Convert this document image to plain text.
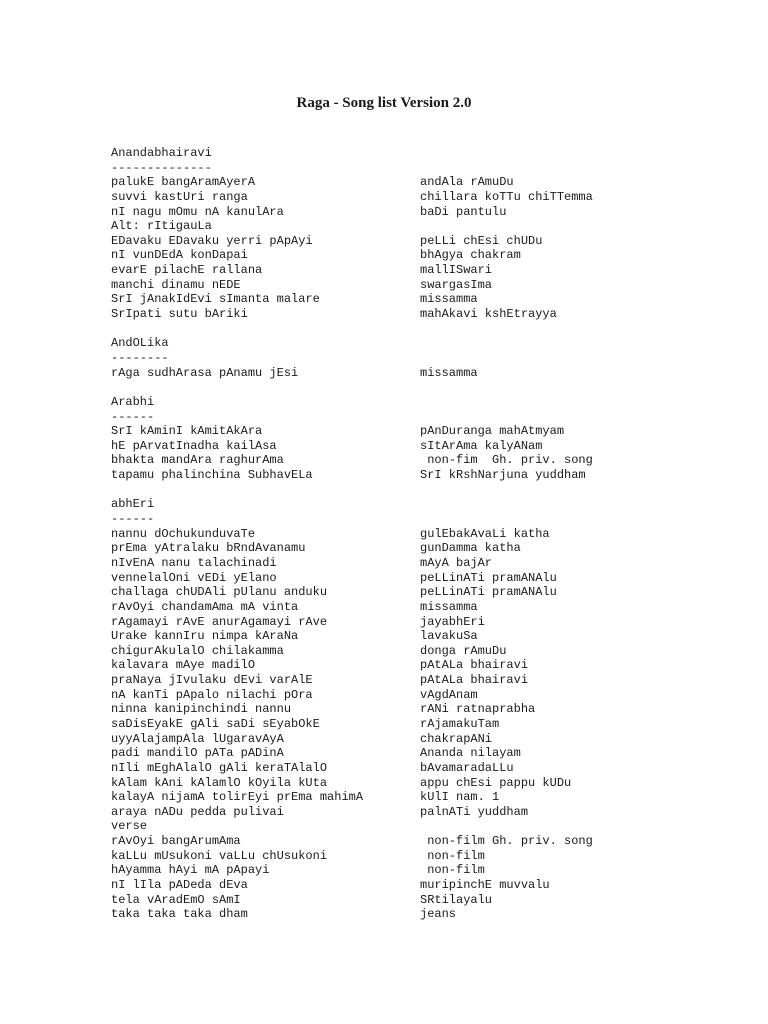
Raga - Song list Version 2.0
Anandabhairavi
--------------
palukE bangAramAyerA	andAla rAmuDu
suvvi kastUri ranga	chillara koTTu chiTTemma
nI nagu mOmu nA kanulAra	baDi pantulu
Alt: rItigauLa
EDavaku EDavaku yerri pApAyi	peLLi chEsi chUDu
nI vunDEdA konDapai	bhAgya chakram
evarE pilachE rallana	mallISwari
manchi dinamu nEDE	swargasIma
SrI jAnakIdEvi sImanta malare	missamma
SrIpati sutu bAriki	mahAkavi kshEtrayya
AndOLika
--------
rAga sudhArasa pAnamu jEsi	missamma
Arabhi
------
SrI kAminI kAmitAkAra	pAnDuranga mahAtmyam
hE pArvatInadha kailAsa	sItArAma kalyANam
bhakta mandAra raghurAma	non-fim  Gh. priv. song
tapamu phalinchina SubhavELa	SrI kRshNarjuna yuddham
abhEri
------
nannu dOchukunduvaTe	gulEbakAvaLi katha
prEma yAtralaku bRndAvanamu	gunDamma katha
nIvEnA nanu talachinadi	mAyA bajAr
vennelalOni vEDi yElano	peLLinATi pramANAlu
challaga chUDAli pUlanu anduku	peLLinATi pramANAlu
rAvOyi chandamAma mA vinta	missamma
rAgamayi rAvE anurAgamayi rAve	jayabhEri
Urake kannIru nimpa kAraNa	lavakuSa
chigurAkulalO chilakamma	donga rAmuDu
kalavara mAye madilO	pAtALa bhairavi
praNaya jIvulaku dEvi varAlE	pAtALa bhairavi
nA kanTi pApalo nilachi pOra	vAgdAnam
ninna kanipinchindi nannu	rANi ratnaprabha
saDisEyakE gAli saDi sEyabOkE	rAjamakuTam
uyyAlajampAla lUgaravAyA	chakrapANi
padi mandilO pATa pADinA	Ananda nilayam
nIli mEghAlalO gAli keraTAlalO	bAvamaradaLLu
kAlam kAni kAlamlO kOyila kUta	appu chEsi pappu kUDu
kalayA nijamA tolirEyi prEma mahimA	kUlI nam. 1
araya nADu pedda pulivai	palnATi yuddham
verse
rAvOyi bangArumAma	non-film Gh. priv. song
kaLLu mUsukoni vaLLu chUsukoni	non-film
hAyamma hAyi mA pApayi	non-film
nI lIla pADeda dEva	muripinchE muvvalu
tela vAradEmO sAmI	SRtilayalu
taka taka taka dham	jeans
